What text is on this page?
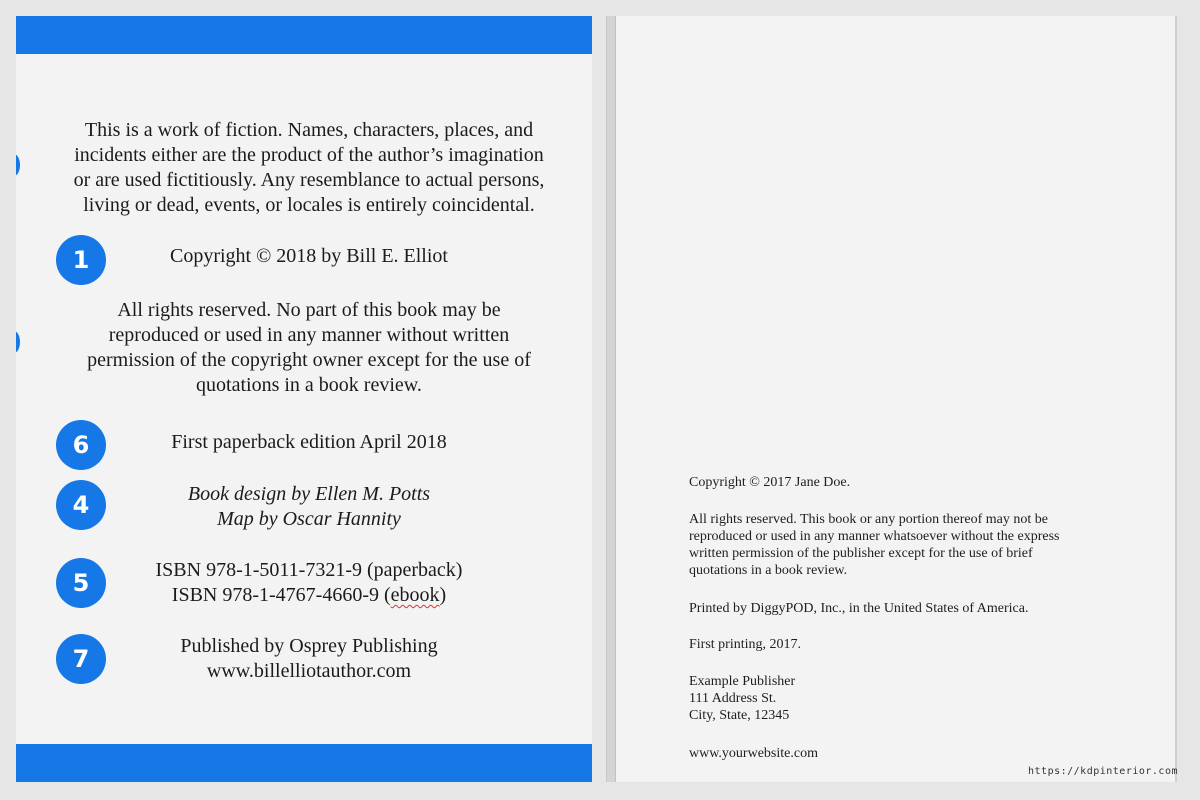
This is a work of fiction. Names, characters, places, and
incidents either are the product of the author’s imagination
or are used fictitiously. Any resemblance to actual persons,
living or dead, events, or locales is entirely coincidental.
1	Copyright © 2018 by Bill E. Elliot
All rights reserved. No part of this book may be
reproduced or used in any manner without written
permission of the copyright owner except for the use of
quotations in a book review.
6	First paperback edition April 2018
4	Book design by Ellen M. Potts
Map by Oscar Hannity
5	ISBN 978-1-5011-7321-9 (paperback)
ISBN 978-1-4767-4660-9 (ebook)
7	Published by Osprey Publishing
www.billelliotauthor.com
Copyright © 2017 Jane Doe.
All rights reserved. This book or any portion thereof may not be
reproduced or used in any manner whatsoever without the express
written permission of the publisher except for the use of brief
quotations in a book review.
Printed by DiggyPOD, Inc., in the United States of America.
First printing, 2017.
Example Publisher
111 Address St.
City, State, 12345
www.yourwebsite.com
https://kdpinterior.com
